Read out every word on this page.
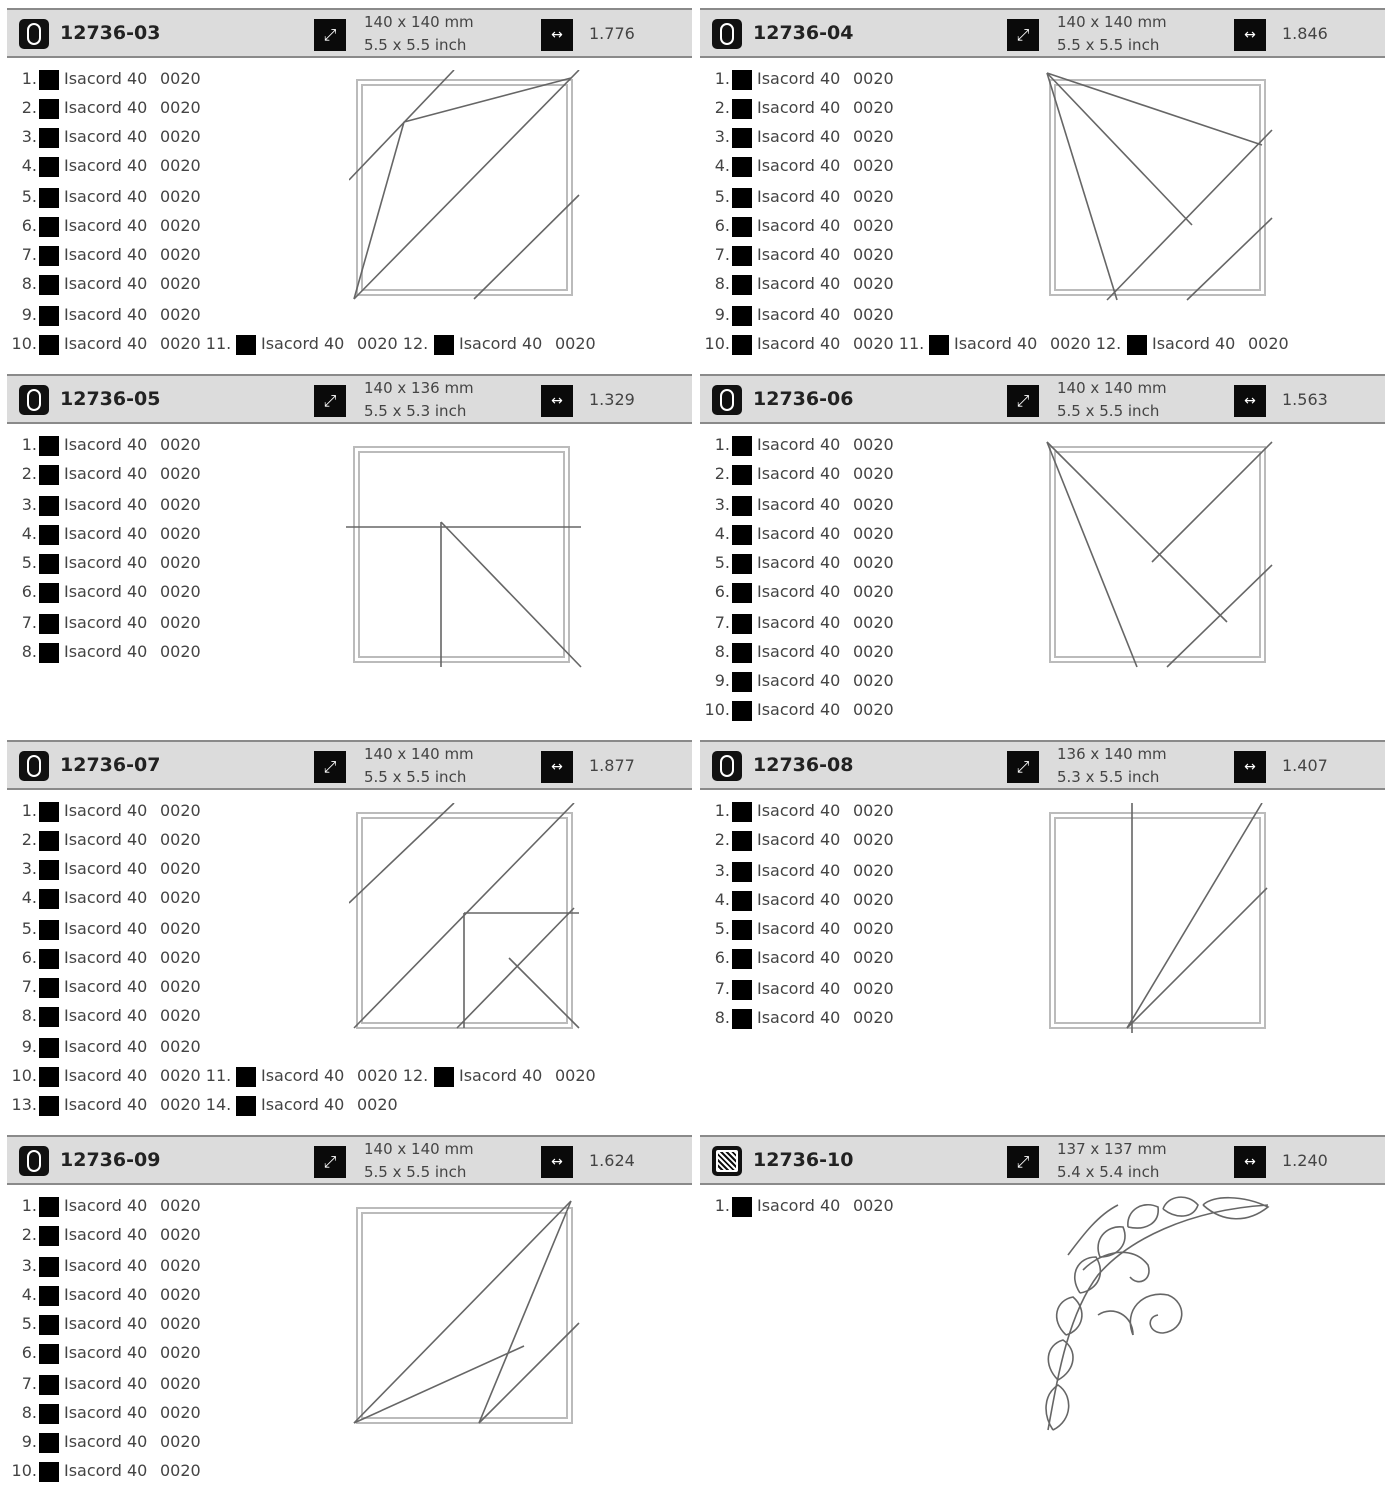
12736-03	⤢
140 x 140 mm
5.5 x 5.5 inch
↔	1.776
1. Isacord 40 0020
2. Isacord 40 0020
3. Isacord 40 0020
4. Isacord 40 0020
5. Isacord 40 0020
6. Isacord 40 0020
7. Isacord 40 0020
8. Isacord 40 0020
9. Isacord 40 0020
10. Isacord 40 0020 11. Isacord 40 0020 12. Isacord 40 0020
12736-04	⤢
140 x 140 mm
5.5 x 5.5 inch
↔	1.846
1. Isacord 40 0020
2. Isacord 40 0020
3. Isacord 40 0020
4. Isacord 40 0020
5. Isacord 40 0020
6. Isacord 40 0020
7. Isacord 40 0020
8. Isacord 40 0020
9. Isacord 40 0020
10. Isacord 40 0020 11. Isacord 40 0020 12. Isacord 40 0020
12736-05	⤢
140 x 136 mm
5.5 x 5.3 inch
↔	1.329
1. Isacord 40 0020
2. Isacord 40 0020
3. Isacord 40 0020
4. Isacord 40 0020
5. Isacord 40 0020
6. Isacord 40 0020
7. Isacord 40 0020
8. Isacord 40 0020
12736-06	⤢
140 x 140 mm
5.5 x 5.5 inch
↔	1.563
1. Isacord 40 0020
2. Isacord 40 0020
3. Isacord 40 0020
4. Isacord 40 0020
5. Isacord 40 0020
6. Isacord 40 0020
7. Isacord 40 0020
8. Isacord 40 0020
9. Isacord 40 0020
10. Isacord 40 0020
12736-07	⤢
140 x 140 mm
5.5 x 5.5 inch
↔	1.877
1. Isacord 40 0020
2. Isacord 40 0020
3. Isacord 40 0020
4. Isacord 40 0020
5. Isacord 40 0020
6. Isacord 40 0020
7. Isacord 40 0020
8. Isacord 40 0020
9. Isacord 40 0020
10. Isacord 40 0020 11. Isacord 40 0020 12. Isacord 40 0020
13. Isacord 40 0020 14. Isacord 40 0020
12736-08	⤢
136 x 140 mm
5.3 x 5.5 inch
↔	1.407
1. Isacord 40 0020
2. Isacord 40 0020
3. Isacord 40 0020
4. Isacord 40 0020
5. Isacord 40 0020
6. Isacord 40 0020
7. Isacord 40 0020
8. Isacord 40 0020
12736-09	⤢
140 x 140 mm
5.5 x 5.5 inch
↔	1.624
1. Isacord 40 0020
2. Isacord 40 0020
3. Isacord 40 0020
4. Isacord 40 0020
5. Isacord 40 0020
6. Isacord 40 0020
7. Isacord 40 0020
8. Isacord 40 0020
9. Isacord 40 0020
10. Isacord 40 0020
12736-10	⤢
137 x 137 mm
5.4 x 5.4 inch
↔	1.240
1. Isacord 40 0020
